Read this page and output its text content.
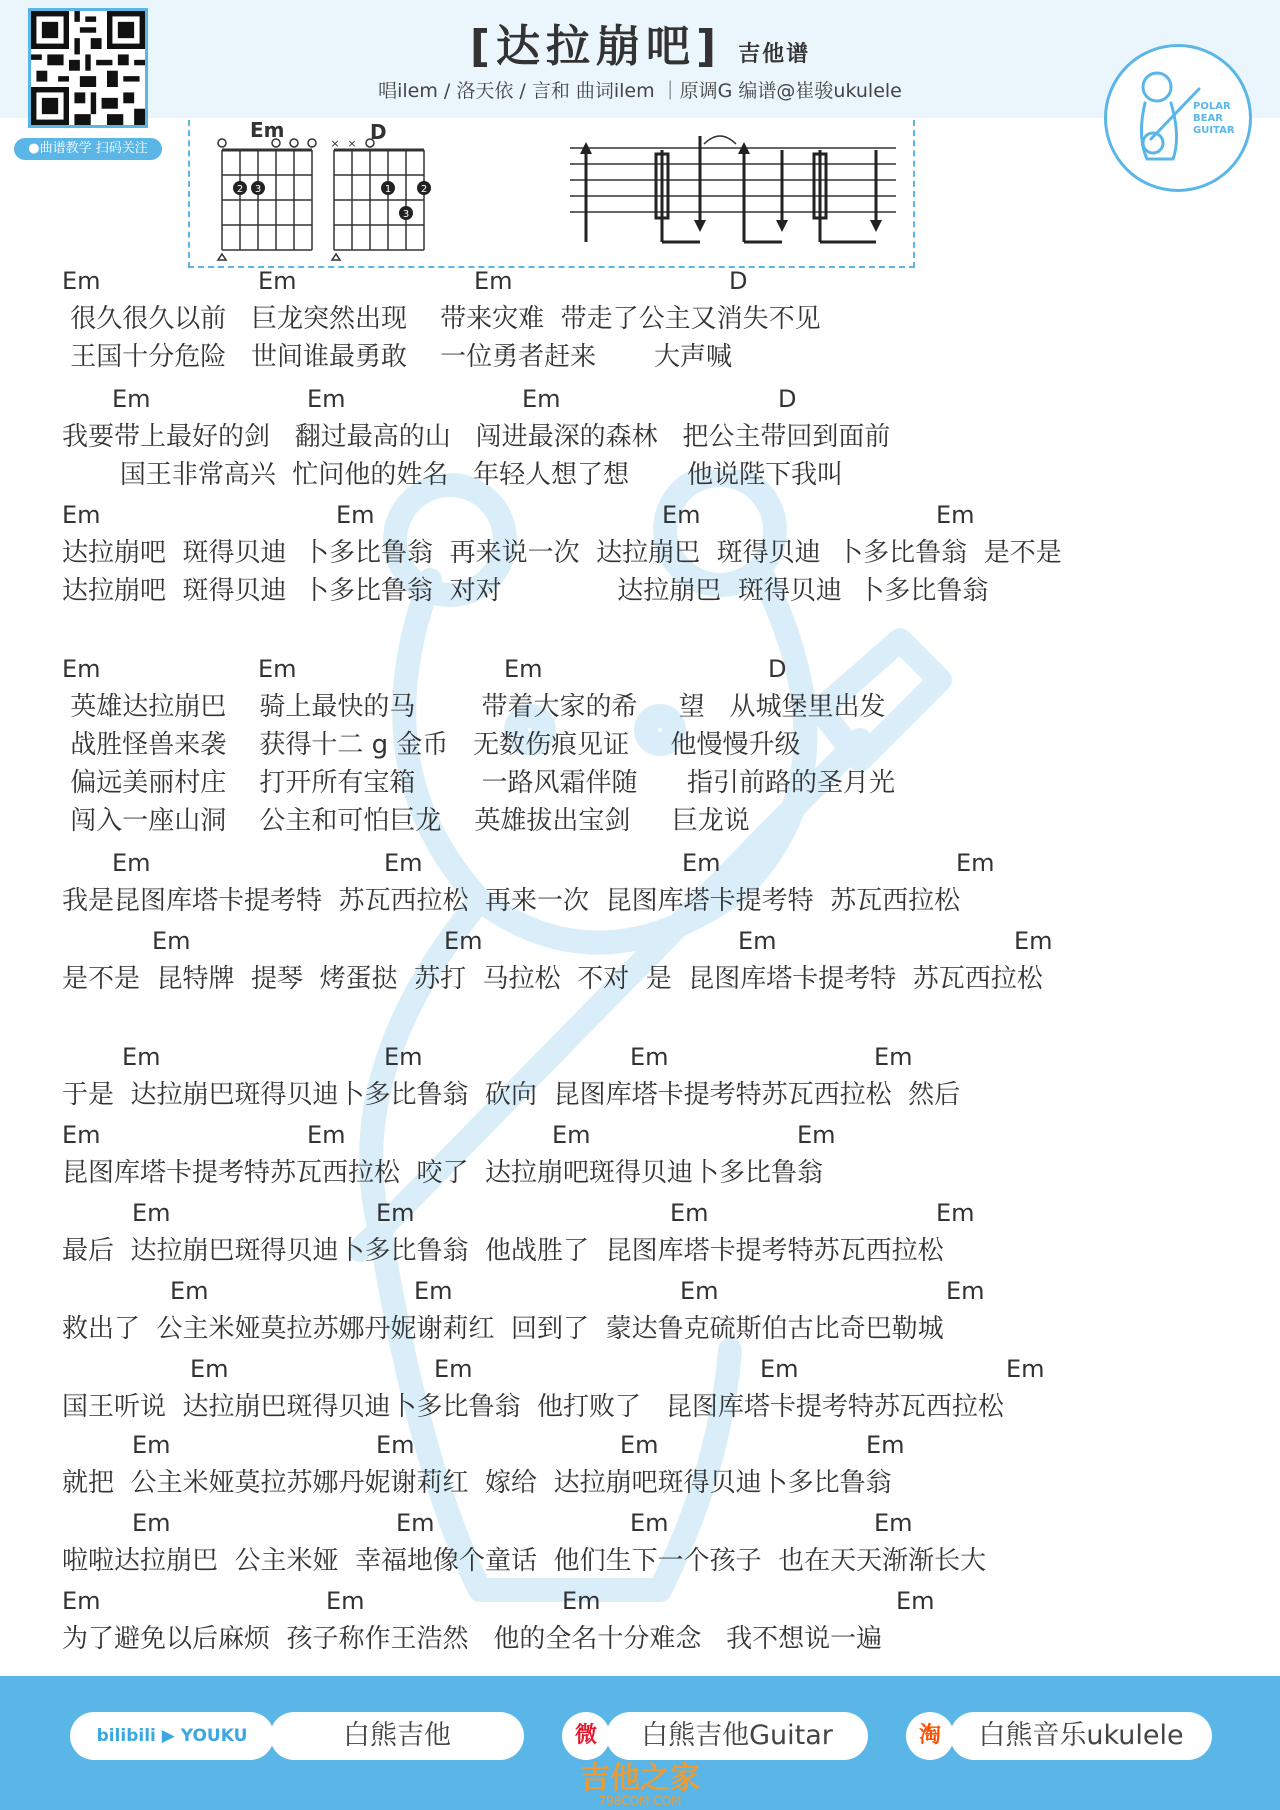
●曲谱教学 扫码关注
[达拉崩吧] 吉他谱
唱ilem / 洛天依 / 言和 曲词ilem ｜原调G 编谱@崔骏ukulele
POLAR
BEAR
GUITAR
Em	D
2 3	1	2
3
× ×
Em	Em	Em	D
很久很久以前   巨龙突然出现    带来灾难  带走了公主又消失不见
王国十分危险   世间谁最勇敢    一位勇者赶来       大声喊
Em	Em	Em	D
我要带上最好的剑   翻过最高的山   闯进最深的森林   把公主带回到面前
国王非常高兴  忙问他的姓名   年轻人想了想       他说陛下我叫
Em	Em	Em	Em
达拉崩吧  斑得贝迪  卜多比鲁翁  再来说一次  达拉崩巴  斑得贝迪  卜多比鲁翁  是不是
达拉崩吧  斑得贝迪  卜多比鲁翁  对对              达拉崩巴  斑得贝迪  卜多比鲁翁
Em	Em	Em	D
英雄达拉崩巴    骑上最快的马        带着大家的希     望   从城堡里出发
战胜怪兽来袭    获得十二 g 金币   无数伤痕见证     他慢慢升级
偏远美丽村庄    打开所有宝箱        一路风霜伴随      指引前路的圣月光
闯入一座山洞    公主和可怕巨龙    英雄拔出宝剑     巨龙说
Em	Em	Em	Em
我是昆图库塔卡提考特  苏瓦西拉松  再来一次  昆图库塔卡提考特  苏瓦西拉松
Em	Em	Em	Em
是不是  昆特牌  提琴  烤蛋挞  苏打  马拉松  不对  是  昆图库塔卡提考特  苏瓦西拉松
Em	Em	Em	Em
于是  达拉崩巴斑得贝迪卜多比鲁翁  砍向  昆图库塔卡提考特苏瓦西拉松  然后
Em	Em	Em	Em
昆图库塔卡提考特苏瓦西拉松  咬了  达拉崩吧斑得贝迪卜多比鲁翁
Em	Em	Em	Em
最后  达拉崩巴斑得贝迪卜多比鲁翁  他战胜了  昆图库塔卡提考特苏瓦西拉松
Em	Em	Em	Em
救出了  公主米娅莫拉苏娜丹妮谢莉红  回到了  蒙达鲁克硫斯伯古比奇巴勒城
Em	Em	Em	Em
国王听说  达拉崩巴斑得贝迪卜多比鲁翁  他打败了   昆图库塔卡提考特苏瓦西拉松
Em	Em	Em	Em
就把  公主米娅莫拉苏娜丹妮谢莉红  嫁给  达拉崩吧斑得贝迪卜多比鲁翁
Em	Em	Em	Em
啦啦达拉崩巴  公主米娅  幸福地像个童话  他们生下一个孩子  也在天天渐渐长大
Em	Em	Em	Em
为了避免以后麻烦  孩子称作王浩然   他的全名十分难念   我不想说一遍
bilibili ▶ YOUKU	白熊吉他	微	白熊吉他Guitar	淘	白熊音乐ukulele
吉他之家
798COM.COM
